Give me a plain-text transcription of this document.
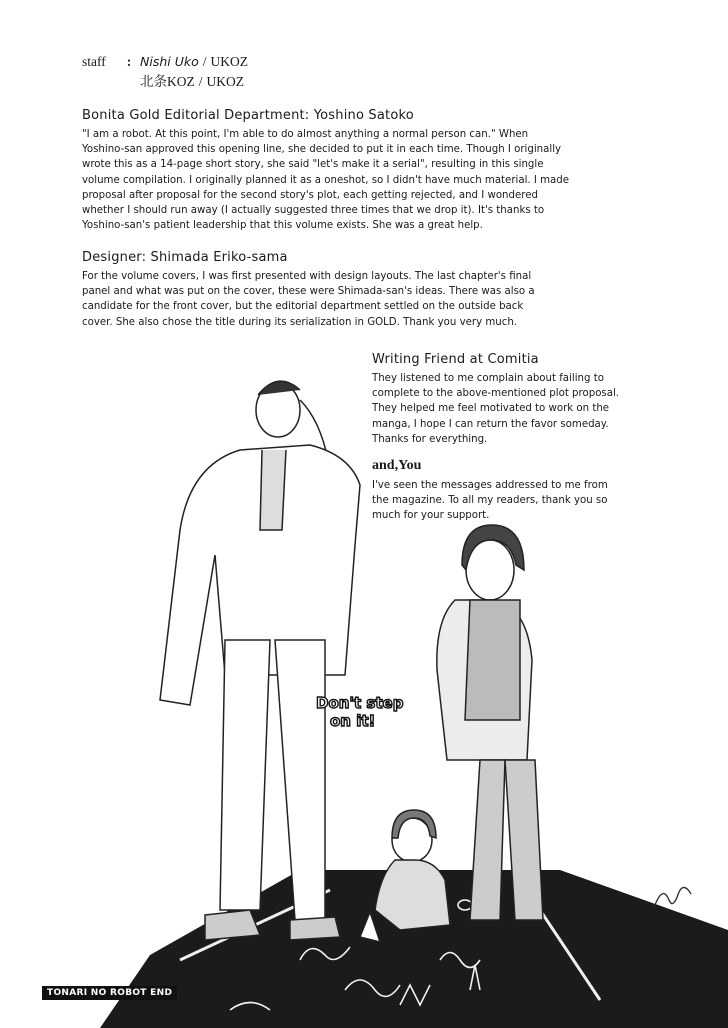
staff	: Nishi Uko / UKOZ
北条KOZ / UKOZ
Bonita Gold Editorial Department: Yoshino Satoko

"I am a robot. At this point, I'm able to do almost anything a normal person can." When
Yoshino-san approved this opening line, she decided to put it in each time. Though I originally
wrote this as a 14-page short story, she said "let's make it a serial", resulting in this single
volume compilation. I originally planned it as a oneshot, so I didn't have much material. I made
proposal after proposal for the second story's plot, each getting rejected, and I wondered
whether I should run away (I actually suggested three times that we drop it). It's thanks to
Yoshino-san's patient leadership that this volume exists. She was a great help.

Designer: Shimada Eriko-sama

For the volume covers, I was first presented with design layouts. The last chapter's final
panel and what was put on the cover, these were Shimada-san's ideas. There was also a
candidate for the front cover, but the editorial department settled on the outside back
cover. She also chose the title during its serialization in GOLD. Thank you very much.

Writing Friend at Comitia

They listened to me complain about failing to
complete to the above-mentioned plot proposal.
They helped me feel motivated to work on the
manga, I hope I can return the favor someday.
Thanks for everything.

and,You

I've seen the messages addressed to me from
the magazine. To all my readers, thank you so
much for your support.

Don't step
on it!
TONARI NO ROBOT END
